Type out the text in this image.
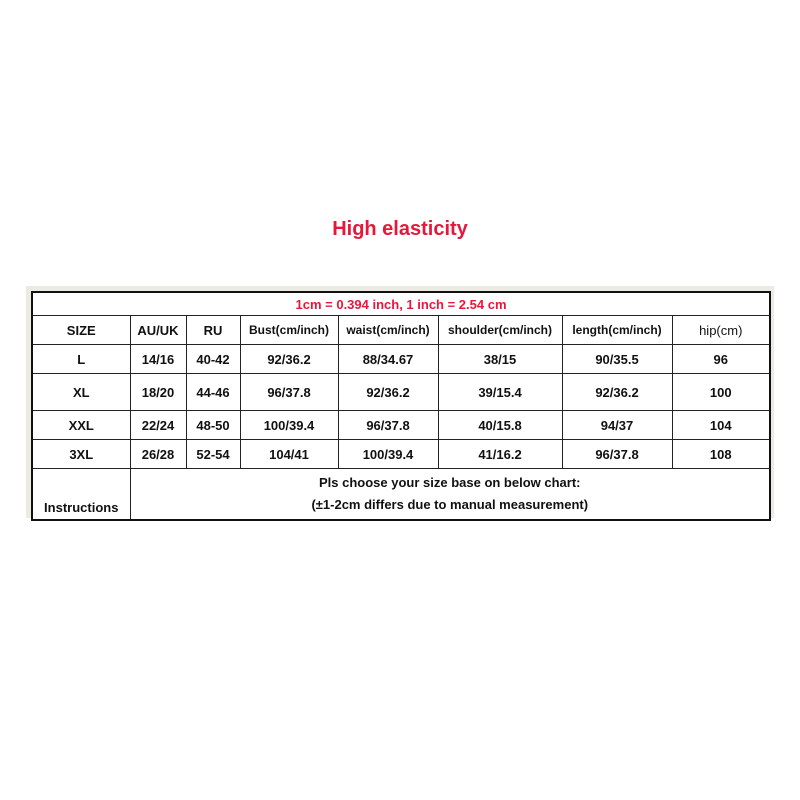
High elasticity
1cm = 0.394 inch, 1 inch = 2.54 cm							
SIZE	AU/UK	RU	Bust(cm/inch)	waist(cm/inch)	shoulder(cm/inch)	length(cm/inch)	hip(cm)
L	14/16	40-42	92/36.2	88/34.67	38/15	90/35.5	96
XL	18/20	44-46	96/37.8	92/36.2	39/15.4	92/36.2	100
XXL	22/24	48-50	100/39.4	96/37.8	40/15.8	94/37	104
3XL	26/28	52-54	104/41	100/39.4	41/16.2	96/37.8	108
Instructions	Pls choose your size base on below chart:
(±1-2cm differs due to manual measurement)						
